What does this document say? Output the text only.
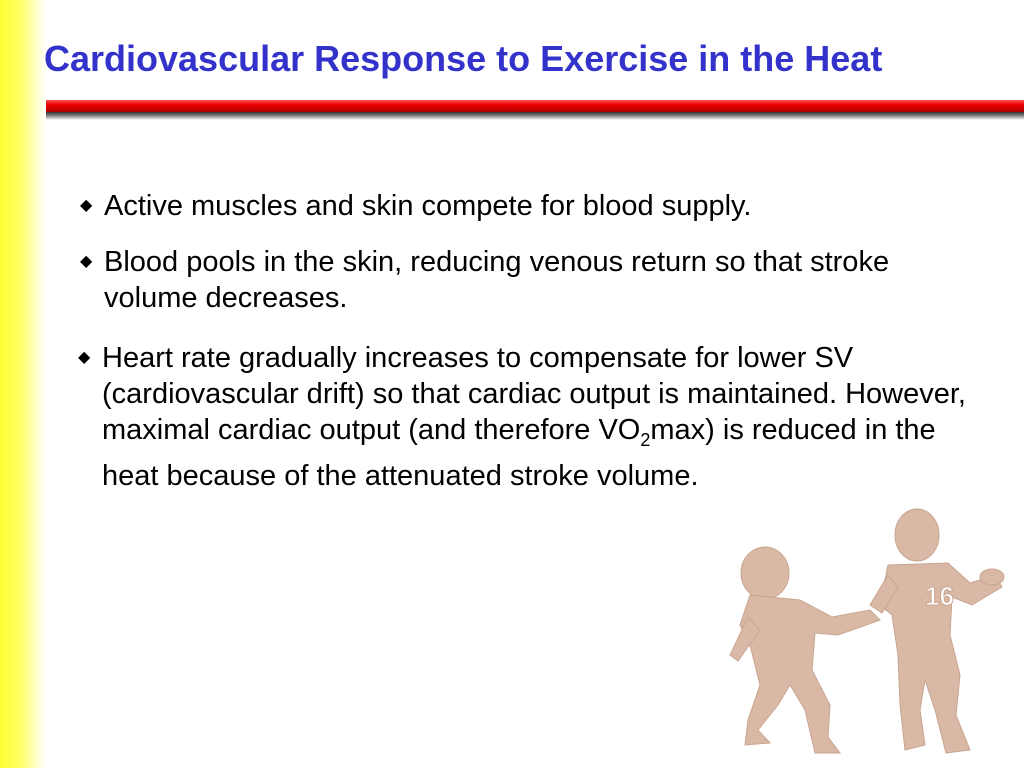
Cardiovascular Response to Exercise in the Heat
◆ Active muscles and skin compete for blood supply.
◆ Blood pools in the skin, reducing venous return so that stroke volume decreases.
◆ Heart rate gradually increases to compensate for lower SV (cardiovascular drift) so that cardiac output is maintained. However, maximal cardiac output (and therefore $VO_2\max$) is reduced in the heat because of the attenuated stroke volume.
16
